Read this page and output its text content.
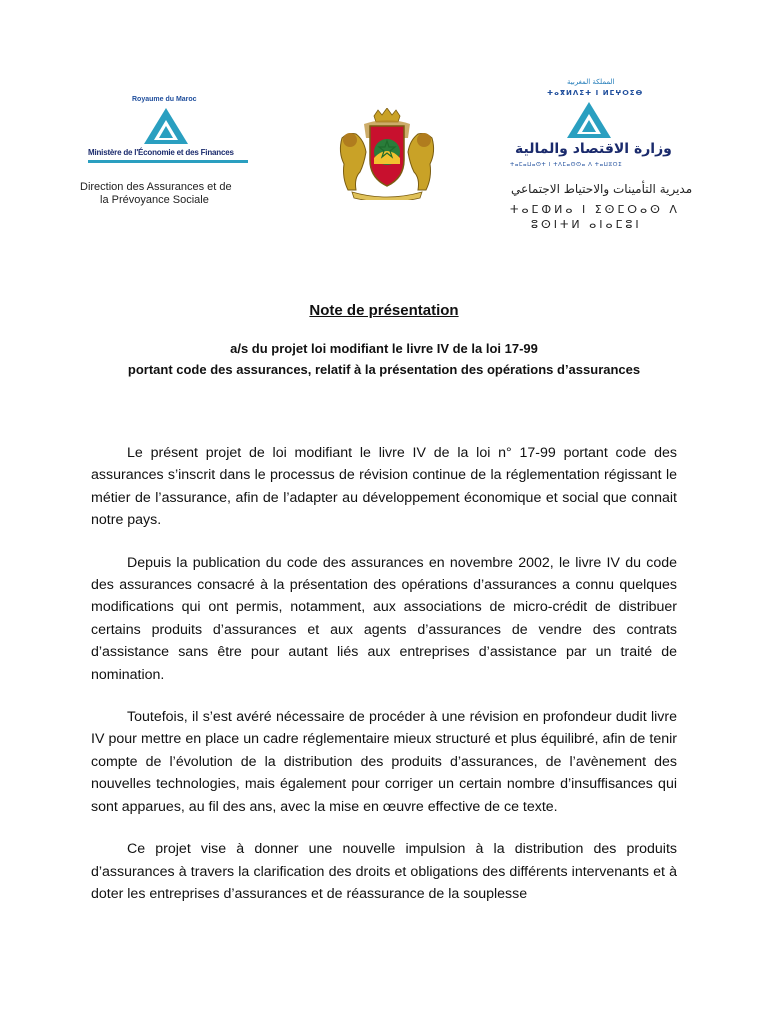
Royaume du Maroc
Ministère de l'Économie et des Finances
Direction des Assurances et de
la Prévoyance Sociale
المملكة المغربية
ⵜⴰⴳⵍⴷⵉⵜ ⵏ ⵍⵎⵖⵔⵉⴱ
وزارة الاقتصاد والمالية
ⵜⴰⵎⴰⵡⴰⵙⵜ ⵏ ⵜⴷⵎⴰⵙⵙⴰ ⴷ ⵜⴰⵡⵓⵔⵉ
مديرية التأمينات والاحتياط الاجتماعي
ⵜⴰⵎⵀⵍⴰ ⵏ ⵉⵙⵎⵔⴰⵙ ⴷ
ⵓⵙⵏⵜⵍ ⴰⵏⴰⵎⵓⵏ
Note de présentation
a/s du projet loi modifiant le livre IV de la loi 17-99
portant code des assurances, relatif à la présentation des opérations d’assurances

Le présent projet de loi modifiant le livre IV de la loi n° 17-99 portant code des assurances s’inscrit dans le processus de révision continue de la réglementation régissant le métier de l’assurance, afin de l’adapter au développement économique et social que connait notre pays.

Depuis la publication du code des assurances en novembre 2002, le livre IV du code des assurances consacré à la présentation des opérations d’assurances a connu quelques modifications qui ont permis, notamment, aux associations de micro-crédit de distribuer certains produits d’assurances et aux agents d’assurances de vendre des contrats d’assistance sans être pour autant liés aux entreprises d’assistance par un traité de nomination.

Toutefois, il s’est avéré nécessaire de procéder à une révision en profondeur dudit livre IV pour mettre en place un cadre réglementaire mieux structuré et plus équilibré, afin de tenir compte de l’évolution de la distribution des produits d’assurances, de l’avènement des nouvelles technologies, mais également pour corriger un certain nombre d’insuffisances qui sont apparues, au fil des ans, avec la mise en œuvre effective de ce texte.

Ce projet vise à donner une nouvelle impulsion à la distribution des produits d’assurances à travers la clarification des droits et obligations des différents intervenants et à doter les entreprises d’assurances et de réassurance de la souplesse
